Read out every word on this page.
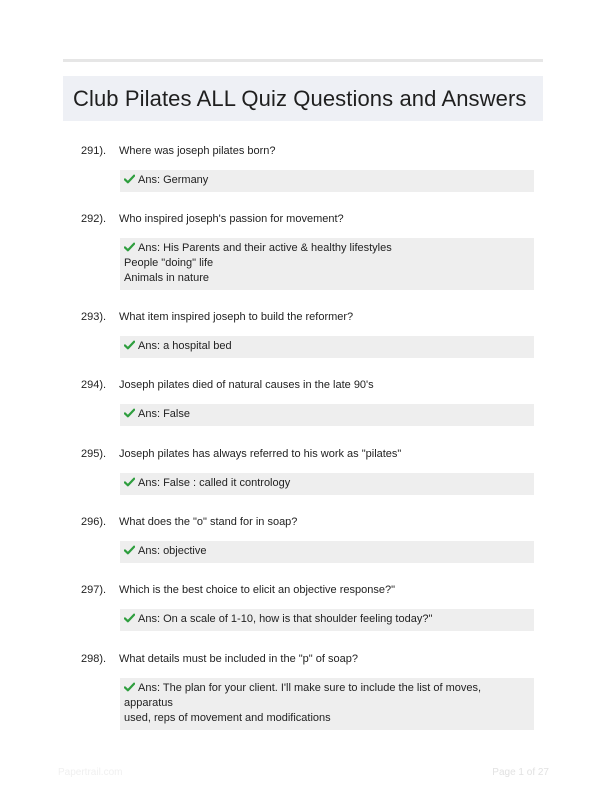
Club Pilates ALL Quiz Questions and Answers
291). Where was joseph pilates born?
Ans: Germany
292). Who inspired joseph's passion for movement?
Ans: His Parents and their active & healthy lifestyles
People "doing" life
Animals in nature
293). What item inspired joseph to build the reformer?
Ans: a hospital bed
294). Joseph pilates died of natural causes in the late 90's
Ans: False
295). Joseph pilates has always referred to his work as "pilates"
Ans: False : called it contrology
296). What does the "o" stand for in soap?
Ans: objective
297). Which is the best choice to elicit an objective response?"
Ans: On a scale of 1-10, how is that shoulder feeling today?"
298). What details must be included in the "p" of soap?
Ans: The plan for your client. I'll make sure to include the list of moves, apparatus
used, reps of movement and modifications
Papertrail.com	Page 1 of 27
